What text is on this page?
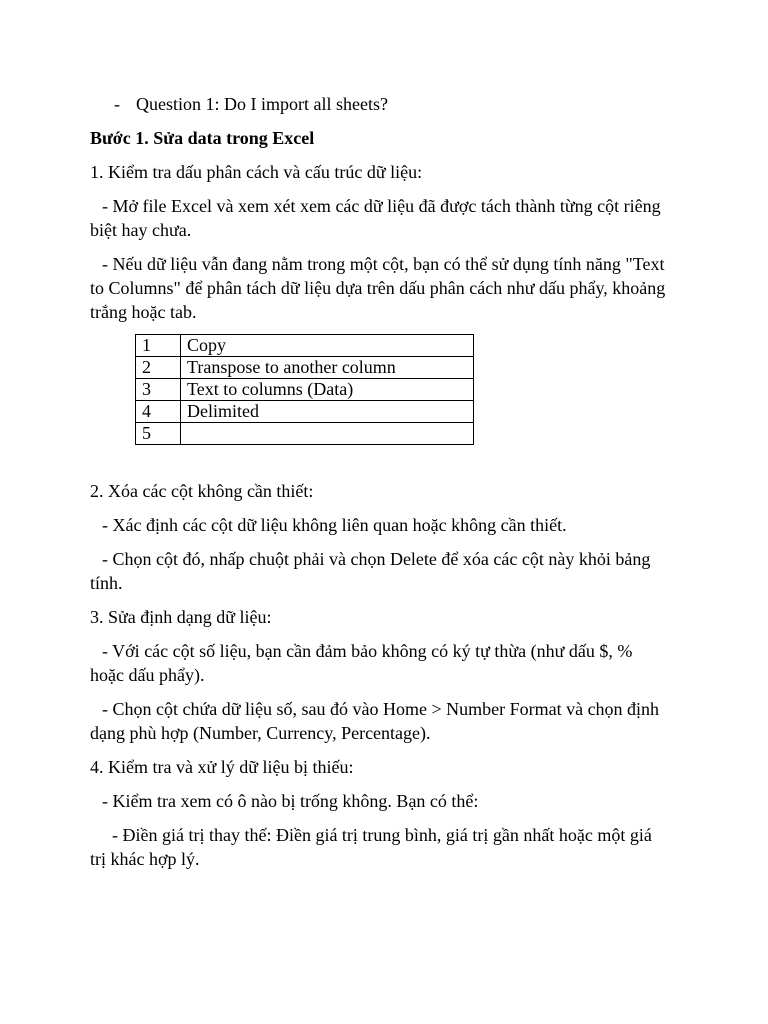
- Question 1: Do I import all sheets?

Bước 1. Sửa data trong Excel

1. Kiểm tra dấu phân cách và cấu trúc dữ liệu:

- Mở file Excel và xem xét xem các dữ liệu đã được tách thành từng cột riêng biệt hay chưa.

- Nếu dữ liệu vẫn đang nằm trong một cột, bạn có thể sử dụng tính năng "Text to Columns" để phân tách dữ liệu dựa trên dấu phân cách như dấu phẩy, khoảng trắng hoặc tab.

1	Copy
2	Transpose to another column
3	Text to columns (Data)
4	Delimited
5	

2. Xóa các cột không cần thiết:

- Xác định các cột dữ liệu không liên quan hoặc không cần thiết.

- Chọn cột đó, nhấp chuột phải và chọn Delete để xóa các cột này khỏi bảng tính.

3. Sửa định dạng dữ liệu:

- Với các cột số liệu, bạn cần đảm bảo không có ký tự thừa (như dấu $, % hoặc dấu phẩy).

- Chọn cột chứa dữ liệu số, sau đó vào Home > Number Format và chọn định dạng phù hợp (Number, Currency, Percentage).

4. Kiểm tra và xử lý dữ liệu bị thiếu:

- Kiểm tra xem có ô nào bị trống không. Bạn có thể:

- Điền giá trị thay thế: Điền giá trị trung bình, giá trị gần nhất hoặc một giá trị khác hợp lý.
